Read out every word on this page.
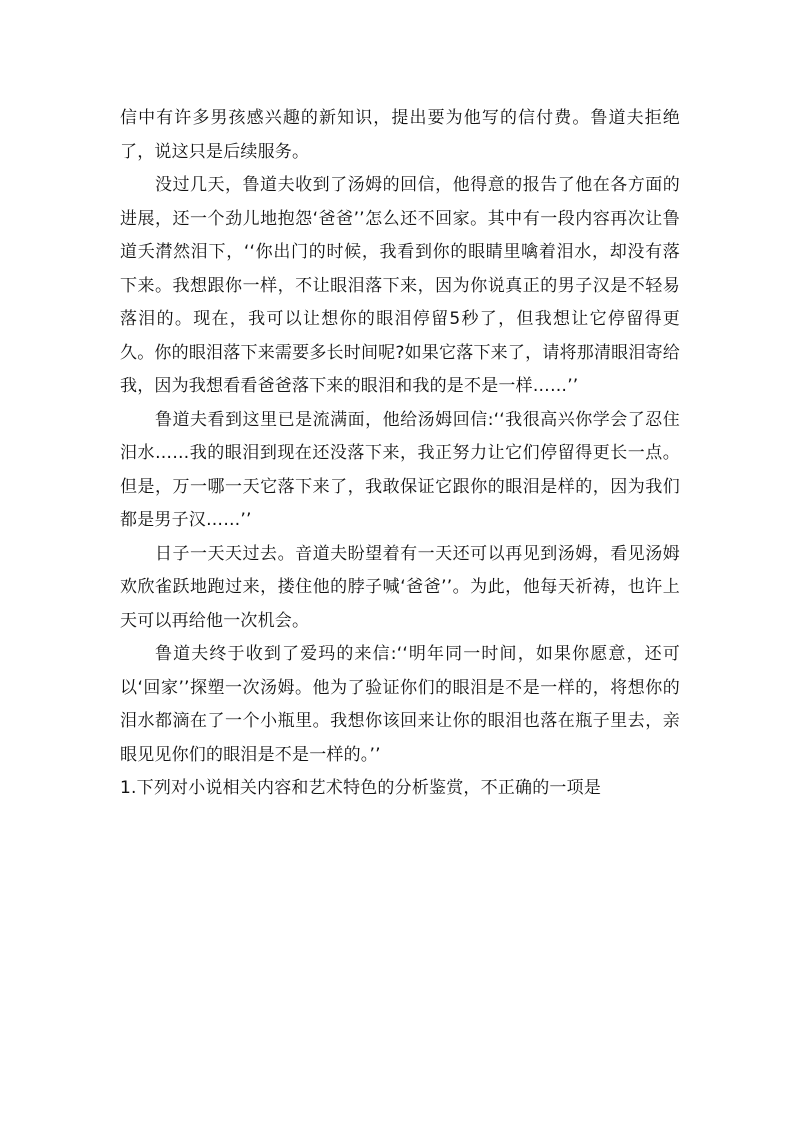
信中有许多男孩感兴趣的新知识，提出要为他写的信付费。鲁道夫拒绝了，说这只是后续服务。

没过几天，鲁道夫收到了汤姆的回信，他得意的报告了他在各方面的进展，还一个劲儿地抱怨‘爸爸’’怎么还不回家。其中有一段内容再次让鲁道夭潸然泪下，‘‘你出门的时候，我看到你的眼睛里噙着泪水，却没有落下来。我想跟你一样，不让眼泪落下来，因为你说真正的男子汉是不轻易落泪的。现在，我可以让想你的眼泪停留5秒了，但我想让它停留得更久。你的眼泪落下来需要多长时间呢?如果它落下来了，请将那清眼泪寄给我，因为我想看看爸爸落下来的眼泪和我的是不是一样……’’

鲁道夫看到这里已是流满面，他给汤姆回信:‘‘我很高兴你学会了忍住汨水……我的眼泪到现在还没落下来，我正努力让它们停留得更长一点。但是，万一哪一天它落下来了，我敢保证它跟你的眼泪是样的，因为我们都是男子汉……’’

日子一天天过去。音道夫盼望着有一天还可以再见到汤姆，看见汤姆欢欣雀跃地跑过来，搂住他的脖子喊‘爸爸’’。为此，他每天祈祷，也许上天可以再给他一次机会。

鲁道夫终于收到了爱玛的来信:‘‘明年同一时间，如果你愿意，还可以‘回家’’探塑一次汤姆。他为了验证你们的眼泪是不是一样的，将想你的泪水都滴在了一个小瓶里。我想你该回来让你的眼泪也落在瓶子里去，亲眼见见你们的眼泪是不是一样的。’’

1.下列对小说相关内容和艺术特色的分析鉴赏，不正确的一项是
